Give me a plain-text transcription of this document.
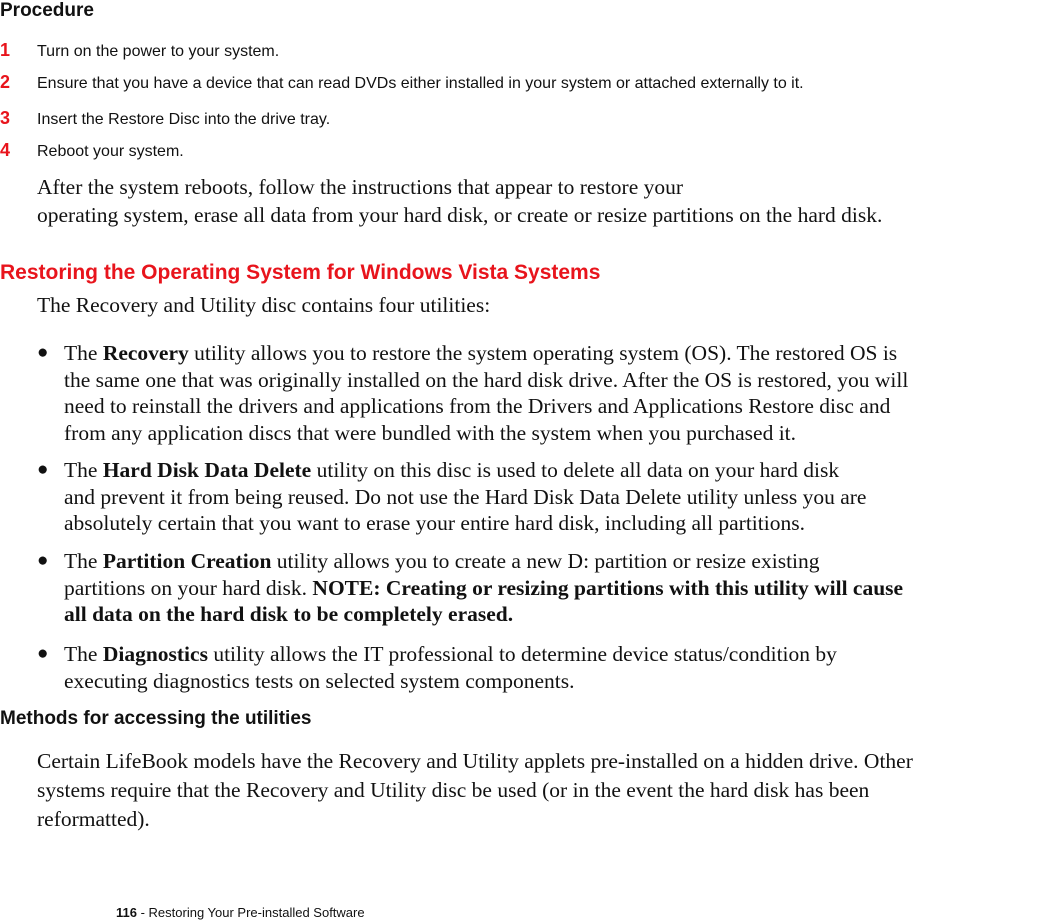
Procedure
1 Turn on the power to your system.
2 Ensure that you have a device that can read DVDs either installed in your system or attached externally to it.
3 Insert the Restore Disc into the drive tray.
4 Reboot your system.
After the system reboots, follow the instructions that appear to restore your
operating system, erase all data from your hard disk, or create or resize partitions on the hard disk.
Restoring the Operating System for Windows Vista Systems
The Recovery and Utility disc contains four utilities:
● The Recovery utility allows you to restore the system operating system (OS). The restored OS is
the same one that was originally installed on the hard disk drive. After the OS is restored, you will
need to reinstall the drivers and applications from the Drivers and Applications Restore disc and
from any application discs that were bundled with the system when you purchased it.
● The Hard Disk Data Delete utility on this disc is used to delete all data on your hard disk
and prevent it from being reused. Do not use the Hard Disk Data Delete utility unless you are
absolutely certain that you want to erase your entire hard disk, including all partitions.
● The Partition Creation utility allows you to create a new D: partition or resize existing
partitions on your hard disk. NOTE: Creating or resizing partitions with this utility will cause
all data on the hard disk to be completely erased.
● The Diagnostics utility allows the IT professional to determine device status/condition by
executing diagnostics tests on selected system components.
Methods for accessing the utilities
Certain LifeBook models have the Recovery and Utility applets pre-installed on a hidden drive. Other
systems require that the Recovery and Utility disc be used (or in the event the hard disk has been
reformatted).
116 - Restoring Your Pre-installed Software
